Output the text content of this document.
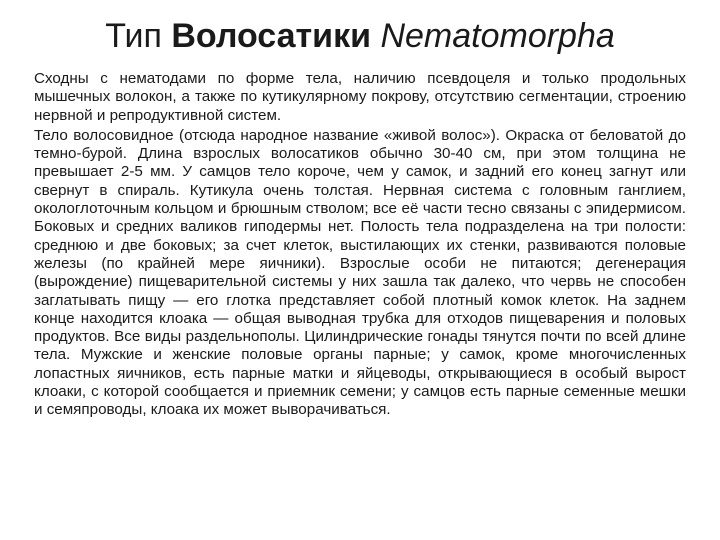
Тип Волосатики Nematomorpha

Сходны с нематодами по форме тела, наличию псевдоцеля и только продольных мышечных волокон, а также по кутикулярному покрову, отсутствию сегментации, строению нервной и репродуктивной систем.

Тело волосовидное (отсюда народное название «живой волос»). Окраска от беловатой до темно-бурой. Длина взрослых волосатиков обычно 30-40 см, при этом толщина не превышает 2-5 мм. У самцов тело короче, чем у самок, и задний его конец загнут или свернут в спираль. Кутикула очень толстая. Нервная система с головным ганглием, окологлоточным кольцом и брюшным стволом; все её части тесно связаны с эпидермисом. Боковых и средних валиков гиподермы нет. Полость тела подразделена на три полости: среднюю и две боковых; за счет клеток, выстилающих их стенки, развиваются половые железы (по крайней мере яичники). Взрослые особи не питаются; дегенерация (вырождение) пищеварительной системы у них зашла так далеко, что червь не способен заглатывать пищу — его глотка представляет собой плотный комок клеток. На заднем конце находится клоака — общая выводная трубка для отходов пищеварения и половых продуктов. Все виды раздельнополы. Цилиндрические гонады тянутся почти по всей длине тела. Мужские и женские половые органы парные; у самок, кроме многочисленных лопастных яичников, есть парные матки и яйцеводы, открывающиеся в особый вырост клоаки, с которой сообщается и приемник семени; у самцов есть парные семенные мешки и семяпроводы, клоака их может выворачиваться.
